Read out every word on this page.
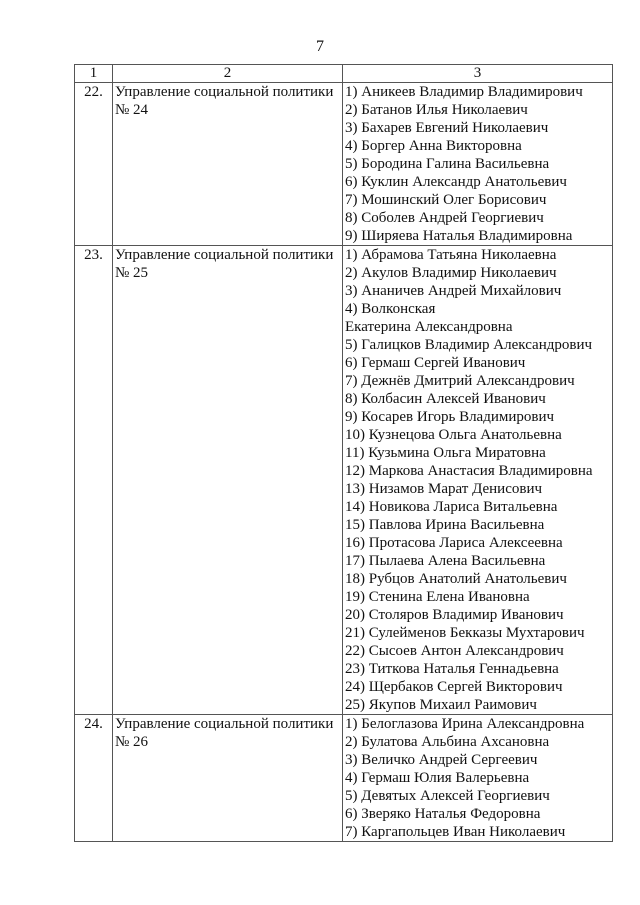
7
1	2	3
22.	Управление социальной политики
№ 24

1) Аникеев Владимир Владимирович
2) Батанов Илья Николаевич
3) Бахарев Евгений Николаевич
4) Боргер Анна Викторовна
5) Бородина Галина Васильевна
6) Куклин Александр Анатольевич
7) Мошинский Олег Борисович
8) Соболев Андрей Георгиевич
9) Ширяева Наталья Владимировна

23.	Управление социальной политики
№ 25

1) Абрамова Татьяна Николаевна
2) Акулов Владимир Николаевич
3) Ананичев Андрей Михайлович
4) Волконская
Екатерина Александровна
5) Галицков Владимир Александрович
6) Гермаш Сергей Иванович
7) Дежнёв Дмитрий Александрович
8) Колбасин Алексей Иванович
9) Косарев Игорь Владимирович
10) Кузнецова Ольга Анатольевна
11) Кузьмина Ольга Миратовна
12) Маркова Анастасия Владимировна
13) Низамов Марат Денисович
14) Новикова Лариса Витальевна
15) Павлова Ирина Васильевна
16) Протасова Лариса Алексеевна
17) Пылаева Алена Васильевна
18) Рубцов Анатолий Анатольевич
19) Стенина Елена Ивановна
20) Столяров Владимир Иванович
21) Сулейменов Бекказы Мухтарович
22) Сысоев Антон Александрович
23) Титкова Наталья Геннадьевна
24) Щербаков Сергей Викторович
25) Якупов Михаил Раимович

24.	Управление социальной политики
№ 26

1) Белоглазова Ирина Александровна
2) Булатова Альбина Ахсановна
3) Величко Андрей Сергеевич
4) Гермаш Юлия Валерьевна
5) Девятых Алексей Георгиевич
6) Зверяко Наталья Федоровна
7) Каргапольцев Иван Николаевич
